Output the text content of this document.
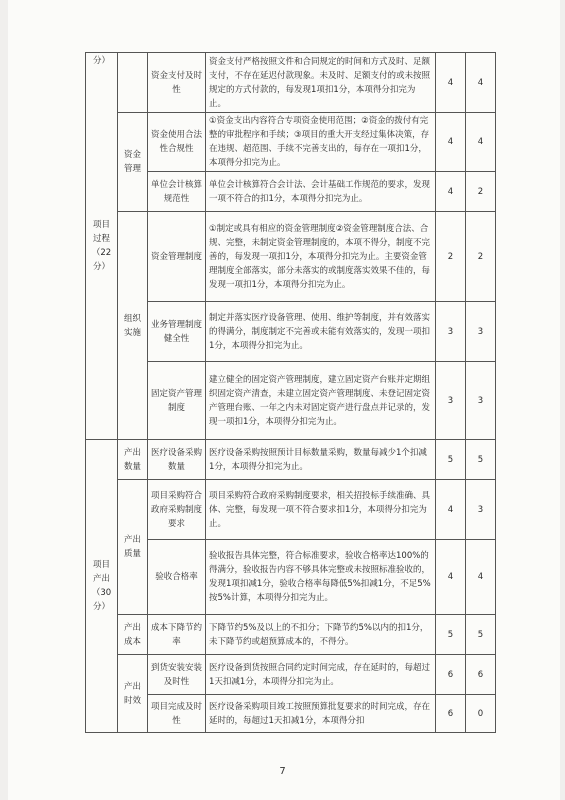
分）
项目过程（22分）		资金支付及时性	资金支付严格按照文件和合同规定的时间和方式及时、足额支付，不存在延迟付款现象。未及时、足额支付的或未按照规定的方式付款的，每发现1项扣1分，本项得分扣完为止。	4	4
	资金管理	资金使用合法性合规性	①资金支出内容符合专项资金使用范围；②资金的拨付有完整的审批程序和手续；③项目的重大开支经过集体决策，存在违规、超范围、手续不完善支出的，每存在一项扣1分，本项得分扣完为止。	4	4
		单位会计核算规范性	单位会计核算符合会计法、会计基础工作规范的要求，发现一项不符合的扣1分，本项得分扣完为止。	4	2
	组织实施	资金管理制度	①制定或具有相应的资金管理制度②资金管理制度合法、合规、完整，未制定资金管理制度的，本项不得分，制度不完善的，每发现一项扣1分，本项得分扣完为止。主要资金管理制度全部落实，部分未落实的或制度落实效果不佳的，每发现一项扣1分，本项得分扣完为止。	2	2
		业务管理制度健全性	制定并落实医疗设备管理、使用、维护等制度，并有效落实的得满分，制度制定不完善或未能有效落实的，发现一项扣1分，本项得分扣完为止。	3	3
		固定资产管理制度	建立健全的固定资产管理制度，建立固定资产台账并定期组织固定资产清查，未建立固定资产管理制度、未登记固定资产管理台账、一年之内未对固定资产进行盘点并记录的，发现一项扣1分，本项得分扣完为止。	3	3
项目产出（30分）	产出数量	医疗设备采购数量	医疗设备采购按照预计目标数量采购，数量每减少1个扣减1分，本项得分扣完为止。	5	5
	产出质量	项目采购符合政府采购制度要求	项目采购符合政府采购制度要求，相关招投标手续准确、具体、完整，每发现一项不符合要求扣1分，本项得分扣完为止。	4	3
		验收合格率	验收报告具体完整，符合标准要求，验收合格率达100%的得满分，验收报告内容不够具体完整或未按照标准验收的，发现1项扣减1分，验收合格率每降低5%扣减1分，不足5%按5%计算，本项得分扣完为止。	4	4
	产出成本	成本下降节约率	下降节约5%及以上的不扣分；下降节约5%以内的扣1分，未下降节约或超预算成本的，不得分。	5	5
	产出时效	到货安装安装及时性	医疗设备到货按照合同约定时间完成，存在延时的，每超过1天扣减1分，本项得分扣完为止。	6	6
		项目完成及时性	医疗设备采购项目竣工按照预算批复要求的时间完成，存在延时的，每超过1天扣减1分，本项得分扣	6	0
7
